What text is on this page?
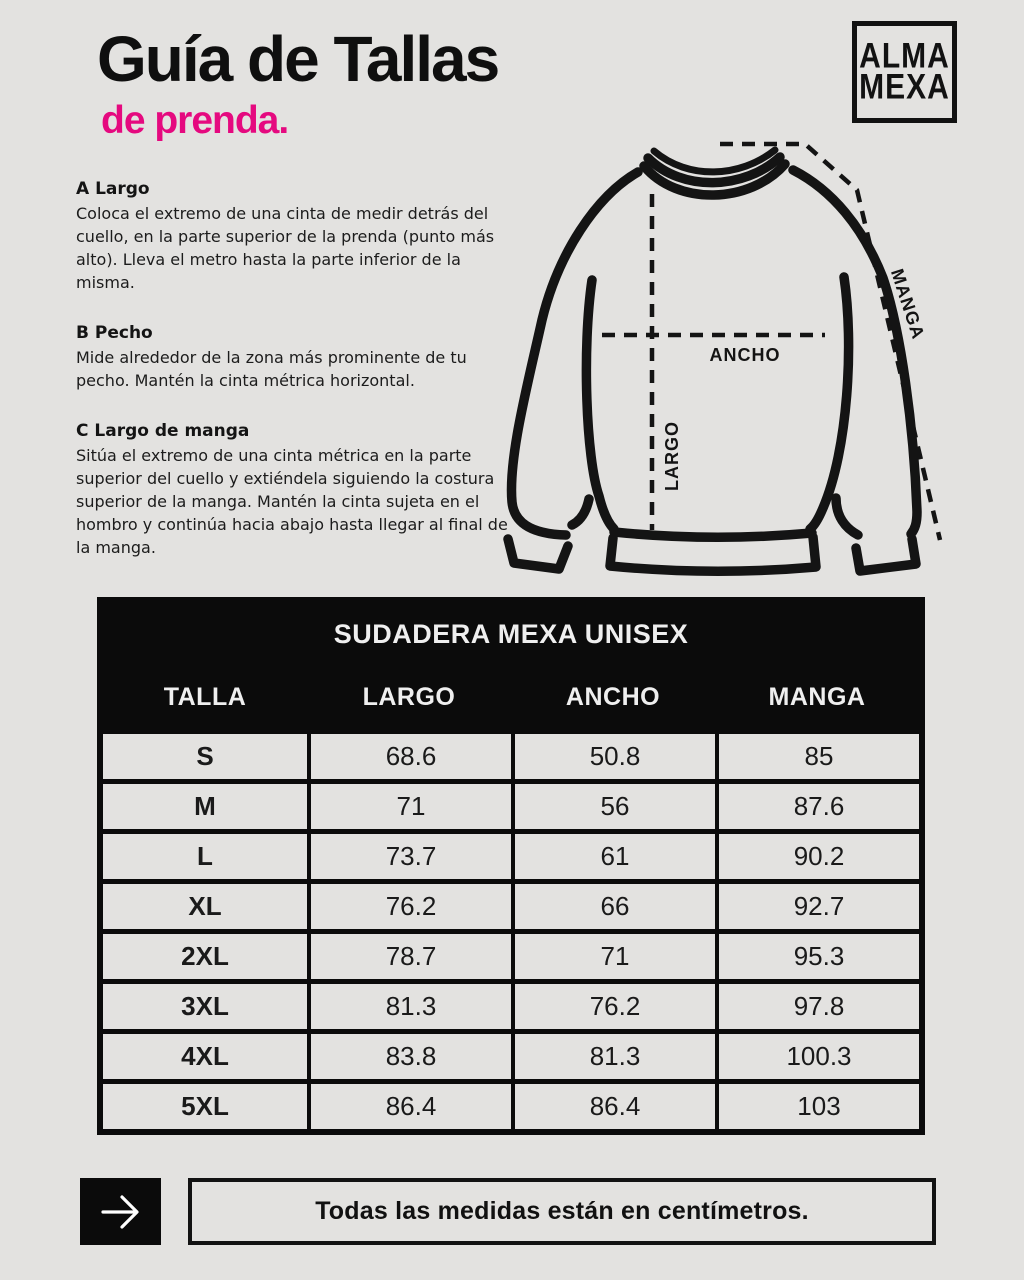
Guía de Tallas
de prenda.
ALMA
MEXA
A Largo

Coloca el extremo de una cinta de medir detrás del cuello, en la parte superior de la prenda (punto más alto). Lleva el metro hasta la parte inferior de la misma.

B Pecho

Mide alrededor de la zona más prominente de tu pecho. Mantén la cinta métrica horizontal.

C Largo de manga

Sitúa el extremo de una cinta métrica en la parte superior del cuello y extiéndela siguiendo la costura superior de la manga. Mantén la cinta sujeta en el hombro y continúa hacia abajo hasta llegar al final de la manga.

ANCHO
LARGO
MANGA
SUDADERA MEXA UNISEX
TALLA	LARGO	ANCHO	MANGA
S	68.6	50.8	85
M	71	56	87.6
L	73.7	61	90.2
XL	76.2	66	92.7
2XL	78.7	71	95.3
3XL	81.3	76.2	97.8
4XL	83.8	81.3	100.3
5XL	86.4	86.4	103
Todas las medidas están en centímetros.
